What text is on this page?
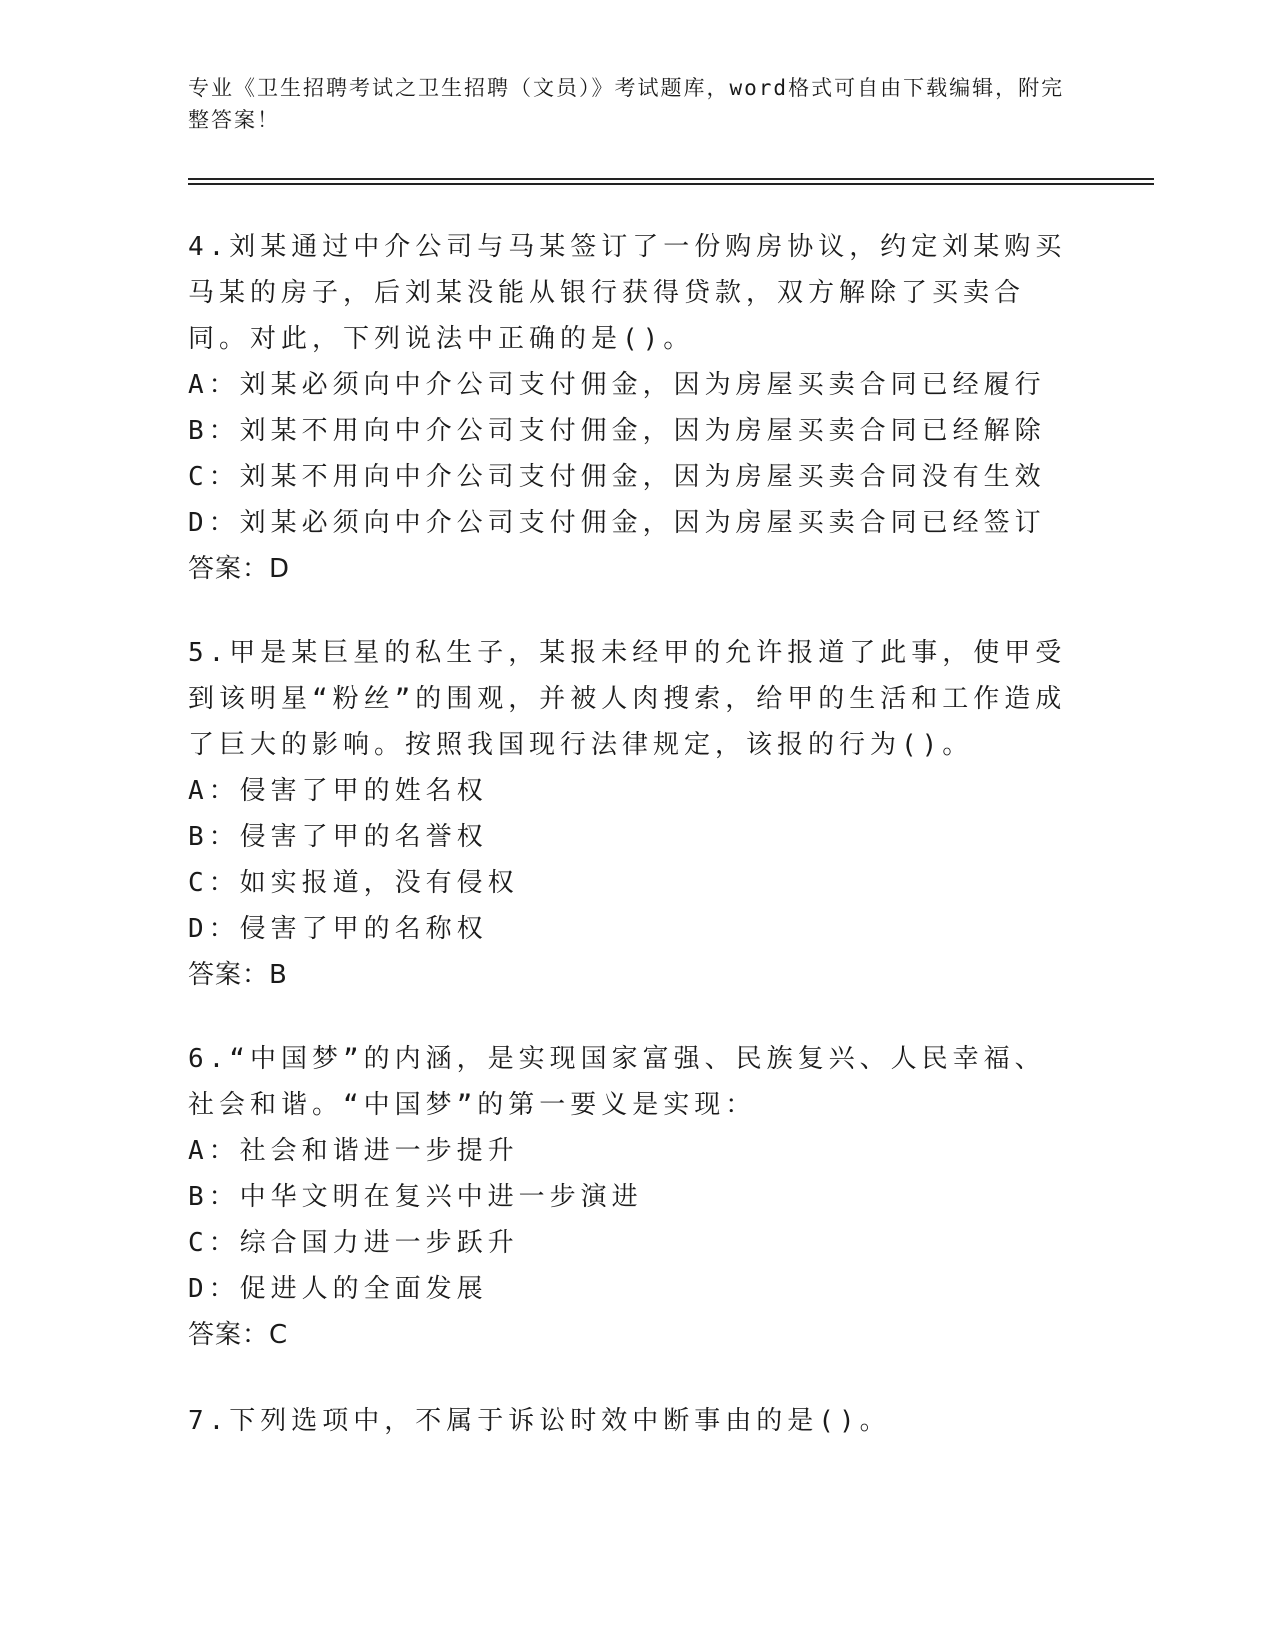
专业《卫生招聘考试之卫生招聘（文员）》考试题库，word格式可自由下载编辑，附完整答案！
4.刘某通过中介公司与马某签订了一份购房协议，约定刘某购买马某的房子，后刘某没能从银行获得贷款，双方解除了买卖合同。对此，下列说法中正确的是()。
A：刘某必须向中介公司支付佣金，因为房屋买卖合同已经履行
B：刘某不用向中介公司支付佣金，因为房屋买卖合同已经解除
C：刘某不用向中介公司支付佣金，因为房屋买卖合同没有生效
D：刘某必须向中介公司支付佣金，因为房屋买卖合同已经签订
答案：D
5.甲是某巨星的私生子，某报未经甲的允许报道了此事，使甲受到该明星“粉丝”的围观，并被人肉搜索，给甲的生活和工作造成了巨大的影响。按照我国现行法律规定，该报的行为()。
A：侵害了甲的姓名权
B：侵害了甲的名誉权
C：如实报道，没有侵权
D：侵害了甲的名称权
答案：B
6.“中国梦”的内涵，是实现国家富强、民族复兴、人民幸福、社会和谐。“中国梦”的第一要义是实现：
A：社会和谐进一步提升
B：中华文明在复兴中进一步演进
C：综合国力进一步跃升
D：促进人的全面发展
答案：C
7.下列选项中，不属于诉讼时效中断事由的是()。
